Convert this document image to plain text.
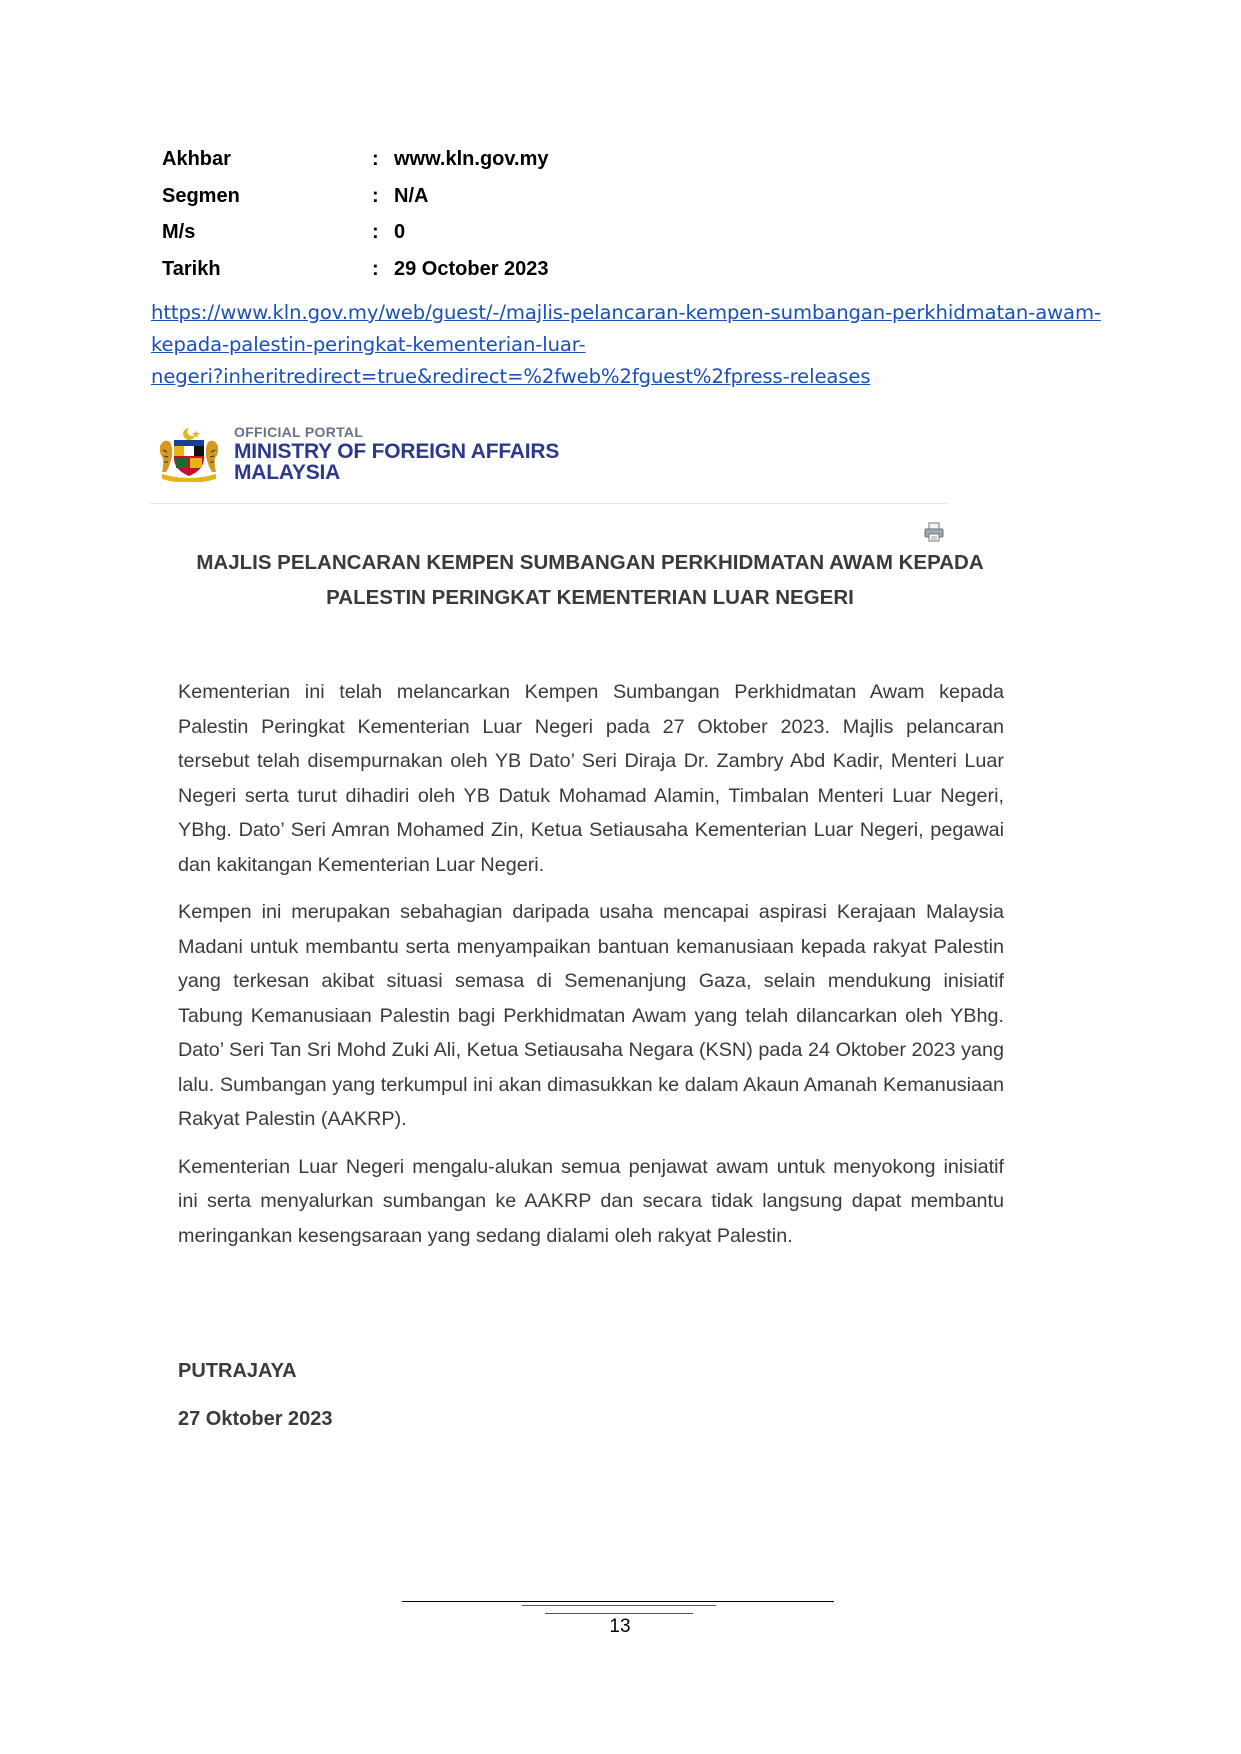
Akhbar	: www.kln.gov.my
Segmen	: N/A
M/s	: 0
Tarikh	: 29 October 2023
https://www.kln.gov.my/web/guest/-/majlis-pelancaran-kempen-sumbangan-perkhidmatan-awam-
kepada-palestin-peringkat-kementerian-luar-
negeri?inheritredirect=true&redirect=%2fweb%2fguest%2fpress-releases
OFFICIAL PORTAL
MINISTRY OF FOREIGN AFFAIRS
MALAYSIA
MAJLIS PELANCARAN KEMPEN SUMBANGAN PERKHIDMATAN AWAM KEPADA
PALESTIN PERINGKAT KEMENTERIAN LUAR NEGERI

Kementerian ini telah melancarkan Kempen Sumbangan Perkhidmatan Awam kepada Palestin Peringkat Kementerian Luar Negeri pada 27 Oktober 2023. Majlis pelancaran tersebut telah disempurnakan oleh YB Dato’ Seri Diraja Dr. Zambry Abd Kadir, Menteri Luar Negeri serta turut dihadiri oleh YB Datuk Mohamad Alamin, Timbalan Menteri Luar Negeri, YBhg. Dato’ Seri Amran Mohamed Zin, Ketua Setiausaha Kementerian Luar Negeri, pegawai dan kakitangan Kementerian Luar Negeri.

Kempen ini merupakan sebahagian daripada usaha mencapai aspirasi Kerajaan Malaysia Madani untuk membantu serta menyampaikan bantuan kemanusiaan kepada rakyat Palestin yang terkesan akibat situasi semasa di Semenanjung Gaza, selain mendukung inisiatif Tabung Kemanusiaan Palestin bagi Perkhidmatan Awam yang telah dilancarkan oleh YBhg. Dato’ Seri Tan Sri Mohd Zuki Ali, Ketua Setiausaha Negara (KSN) pada 24 Oktober 2023 yang lalu. Sumbangan yang terkumpul ini akan dimasukkan ke dalam Akaun Amanah Kemanusiaan Rakyat Palestin (AAKRP).

Kementerian Luar Negeri mengalu-alukan semua penjawat awam untuk menyokong inisiatif ini serta menyalurkan sumbangan ke AAKRP dan secara tidak langsung dapat membantu meringankan kesengsaraan yang sedang dialami oleh rakyat Palestin.

PUTRAJAYA
27 Oktober 2023
13
